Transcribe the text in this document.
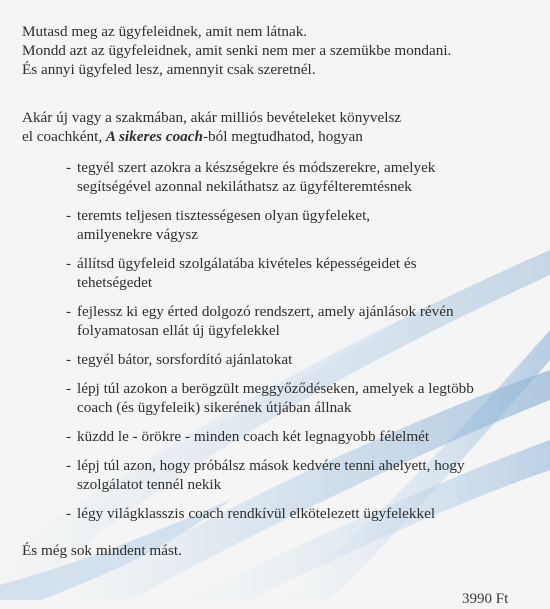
Mutasd meg az ügyfeleidnek, amit nem látnak.

Mondd azt az ügyfeleidnek, amit senki nem mer a szemükbe mondani.

És annyi ügyfeled lesz, amennyit csak szeretnél.

Akár új vagy a szakmában, akár milliós bevételeket könyvelsz

el coachként, A sikeres coach-ból megtudhatod, hogyan

- tegyél szert azokra a készségekre és módszerekre, amelyek
segítségével azonnal nekiláthatsz az ügyfélteremtésnek
- teremts teljesen tisztességesen olyan ügyfeleket,
amilyenekre vágysz
- állítsd ügyfeleid szolgálatába kivételes képességeidet és
tehetségedet
- fejlessz ki egy érted dolgozó rendszert, amely ajánlások révén
folyamatosan ellát új ügyfelekkel
- tegyél bátor, sorsfordító ajánlatokat
- lépj túl azokon a berögzült meggyőződéseken, amelyek a legtöbb
coach (és ügyfeleik) sikerének útjában állnak
- küzdd le - örökre - minden coach két legnagyobb félelmét
- lépj túl azon, hogy próbálsz mások kedvére tenni ahelyett, hogy
szolgálatot tennél nekik
- légy világklasszis coach rendkívül elkötelezett ügyfelekkel

És még sok mindent mást.

3990 Ft
